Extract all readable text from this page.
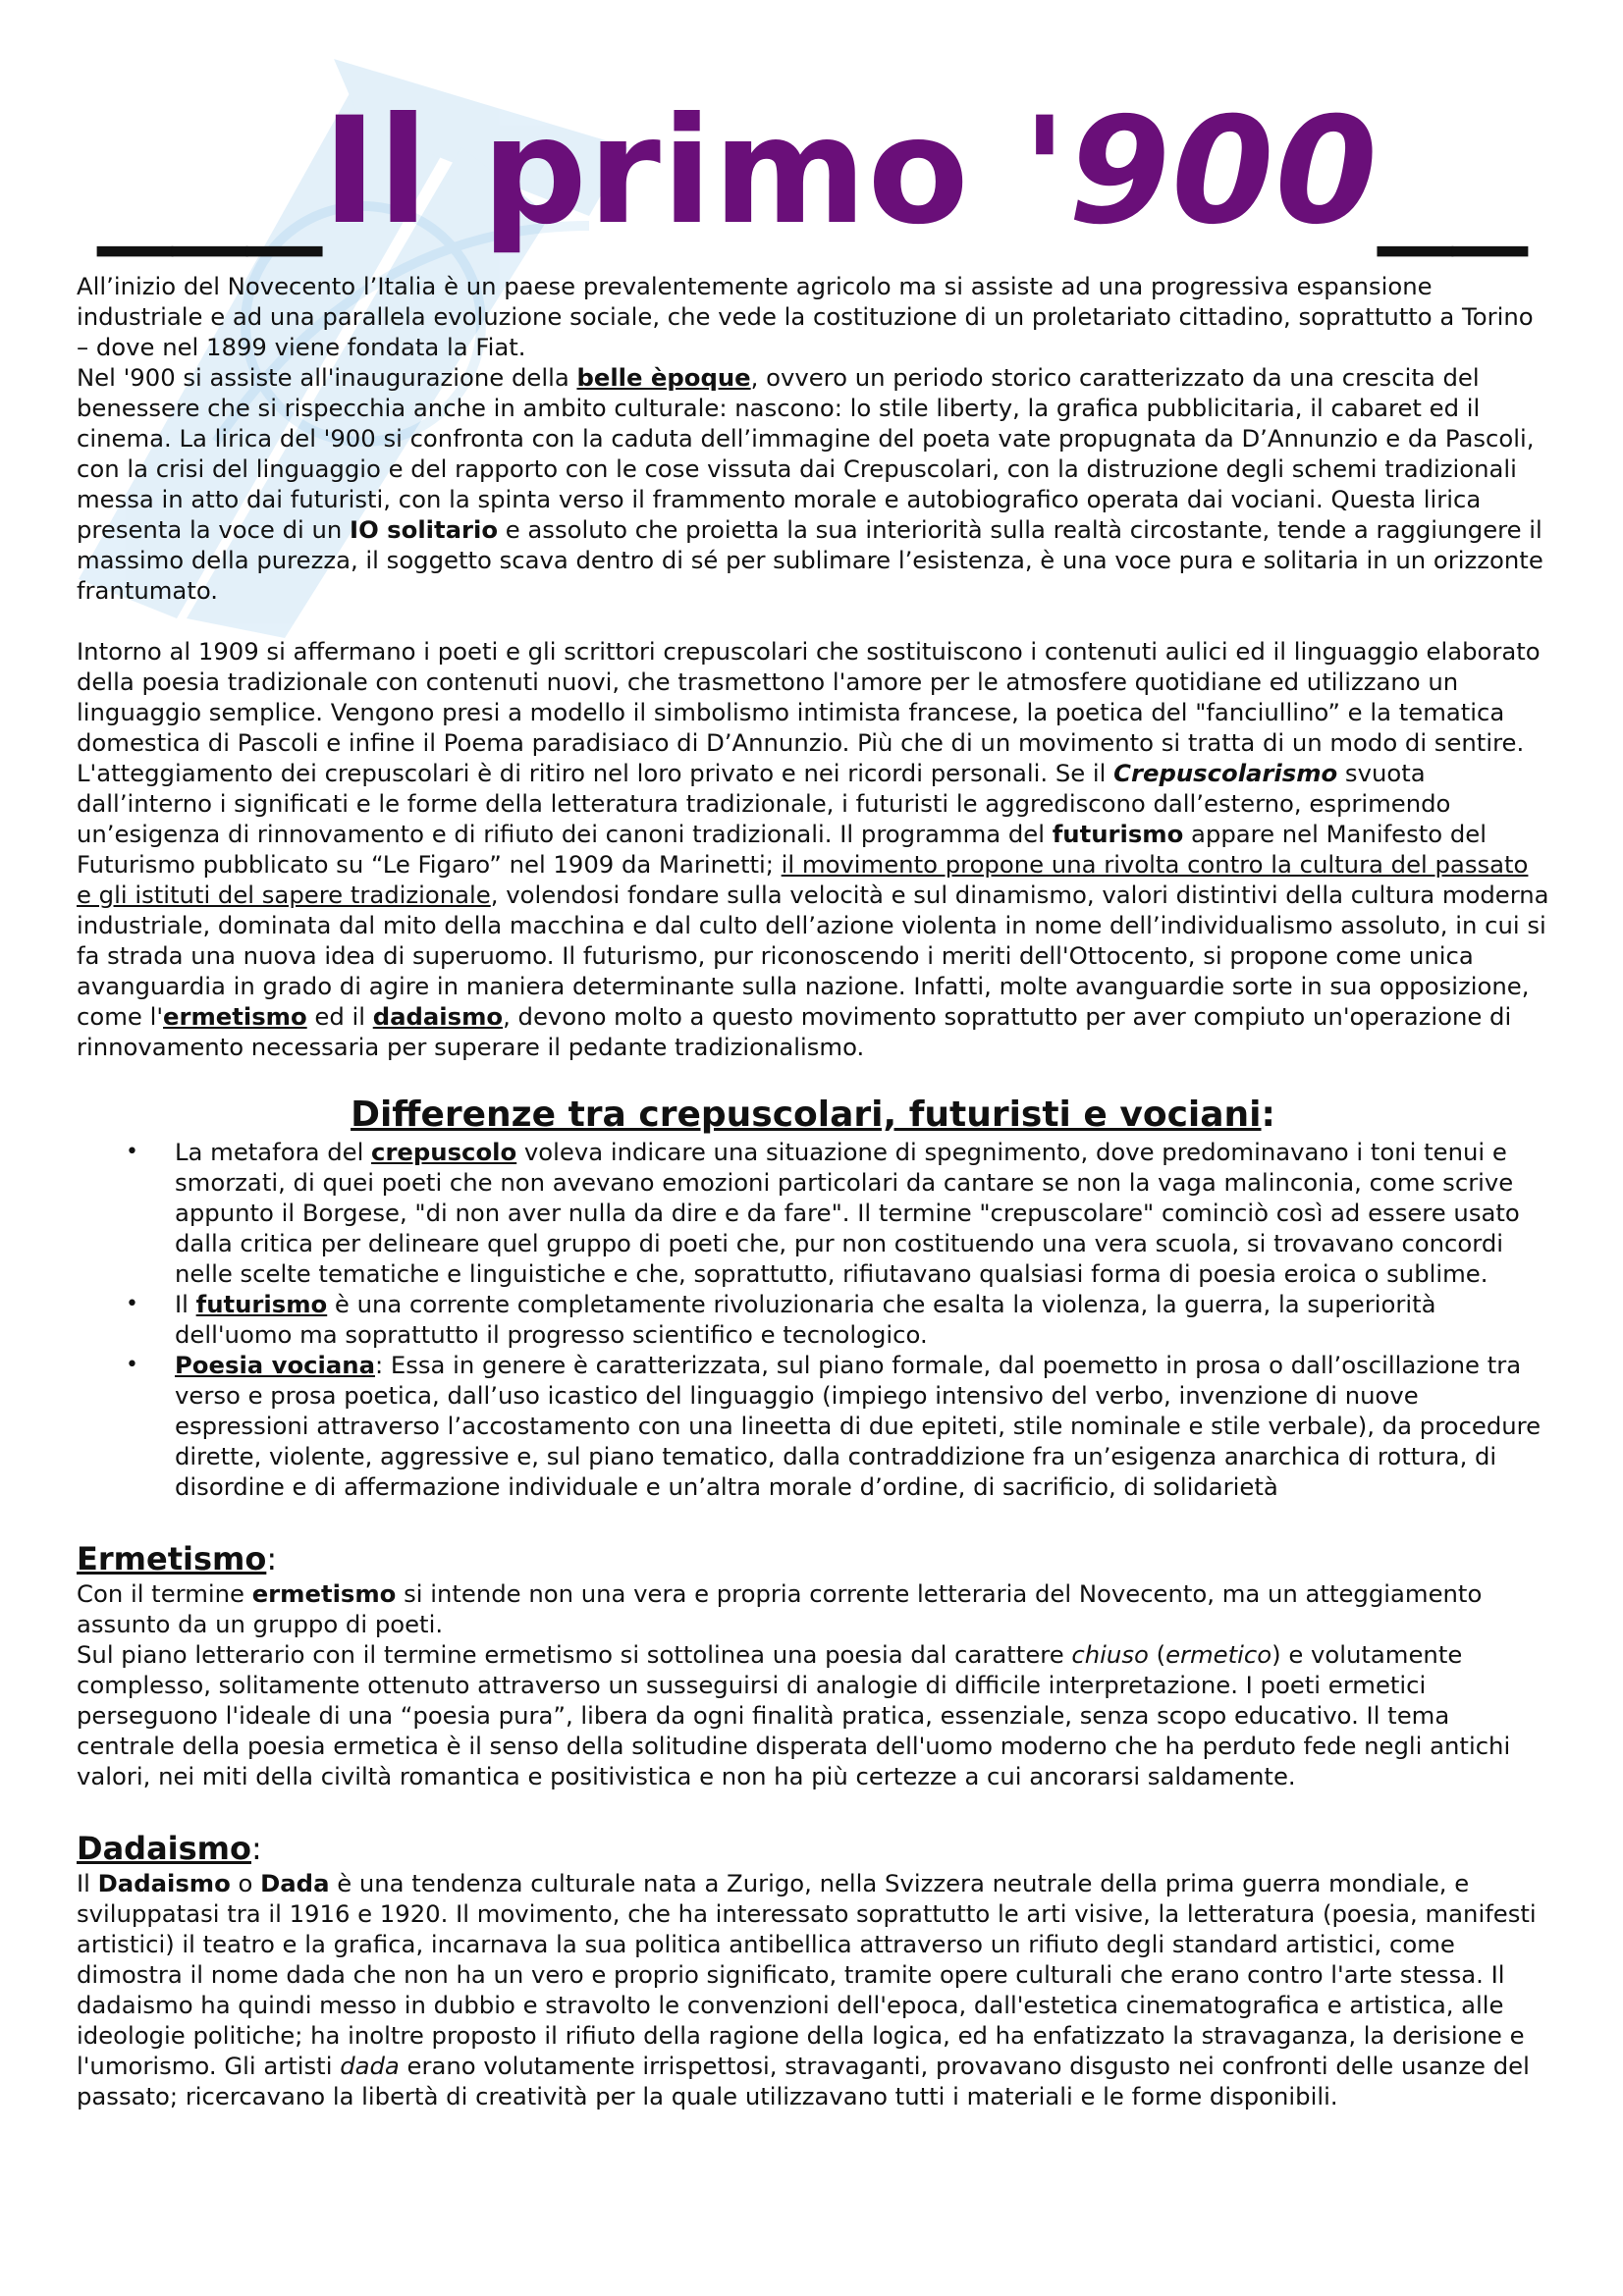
___Il primo '900__

All’inizio del Novecento l’Italia è un paese prevalentemente agricolo ma si assiste ad una progressiva espansione industriale e ad una parallela evoluzione sociale, che vede la costituzione di un proletariato cittadino, soprattutto a Torino – dove nel 1899 viene fondata la Fiat.

Nel '900 si assiste all'inaugurazione della belle èpoque, ovvero un periodo storico caratterizzato da una crescita del benessere che si rispecchia anche in ambito culturale: nascono: lo stile liberty, la grafica pubblicitaria, il cabaret ed il cinema. La lirica del '900 si confronta con la caduta dell’immagine del poeta vate propugnata da D’Annunzio e da Pascoli, con la crisi del linguaggio e del rapporto con le cose vissuta dai Crepuscolari, con la distruzione degli schemi tradizionali messa in atto dai futuristi, con la spinta verso il frammento morale e autobiografico operata dai vociani. Questa lirica presenta la voce di un IO solitario e assoluto che proietta la sua interiorità sulla realtà circostante, tende a raggiungere il massimo della purezza, il soggetto scava dentro di sé per sublimare l’esistenza, è una voce pura e solitaria in un orizzonte frantumato.

Intorno al 1909 si affermano i poeti e gli scrittori crepuscolari che sostituiscono i contenuti aulici ed il linguaggio elaborato della poesia tradizionale con contenuti nuovi, che trasmettono l'amore per le atmosfere quotidiane ed utilizzano un linguaggio semplice. Vengono presi a modello il simbolismo intimista francese, la poetica del "fanciullino” e la tematica domestica di Pascoli e infine il Poema paradisiaco di D’Annunzio. Più che di un movimento si tratta di un modo di sentire. L'atteggiamento dei crepuscolari è di ritiro nel loro privato e nei ricordi personali. Se il Crepuscolarismo svuota dall’interno i significati e le forme della letteratura tradizionale, i futuristi le aggrediscono dall’esterno, esprimendo un’esigenza di rinnovamento e di rifiuto dei canoni tradizionali. Il programma del futurismo appare nel Manifesto del Futurismo pubblicato su “Le Figaro” nel 1909 da Marinetti; il movimento propone una rivolta contro la cultura del passato e gli istituti del sapere tradizionale, volendosi fondare sulla velocità e sul dinamismo, valori distintivi della cultura moderna industriale, dominata dal mito della macchina e dal culto dell’azione violenta in nome dell’individualismo assoluto, in cui si fa strada una nuova idea di superuomo. Il futurismo, pur riconoscendo i meriti dell'Ottocento, si propone come unica avanguardia in grado di agire in maniera determinante sulla nazione. Infatti, molte avanguardie sorte in sua opposizione, come l'ermetismo ed il dadaismo, devono molto a questo movimento soprattutto per aver compiuto un'operazione di rinnovamento necessaria per superare il pedante tradizionalismo.

Differenze tra crepuscolari, futuristi e vociani:
• La metafora del crepuscolo voleva indicare una situazione di spegnimento, dove predominavano i toni tenui e smorzati, di quei poeti che non avevano emozioni particolari da cantare se non la vaga malinconia, come scrive appunto il Borgese, "di non aver nulla da dire e da fare". Il termine "crepuscolare" cominciò così ad essere usato dalla critica per delineare quel gruppo di poeti che, pur non costituendo una vera scuola, si trovavano concordi nelle scelte tematiche e linguistiche e che, soprattutto, rifiutavano qualsiasi forma di poesia eroica o sublime.
• Il futurismo è una corrente completamente rivoluzionaria che esalta la violenza, la guerra, la superiorità dell'uomo ma soprattutto il progresso scientifico e tecnologico.
• Poesia vociana: Essa in genere è caratterizzata, sul piano formale, dal poemetto in prosa o dall’oscillazione tra verso e prosa poetica, dall’uso icastico del linguaggio (impiego intensivo del verbo, invenzione di nuove espressioni attraverso l’accostamento con una lineetta di due epiteti, stile nominale e stile verbale), da procedure dirette, violente, aggressive e, sul piano tematico, dalla contraddizione fra un’esigenza anarchica di rottura, di disordine e di affermazione individuale e un’altra morale d’ordine, di sacrificio, di solidarietà
Ermetismo:

Con il termine ermetismo si intende non una vera e propria corrente letteraria del Novecento, ma un atteggiamento assunto da un gruppo di poeti.

Sul piano letterario con il termine ermetismo si sottolinea una poesia dal carattere chiuso (ermetico) e volutamente complesso, solitamente ottenuto attraverso un susseguirsi di analogie di difficile interpretazione. I poeti ermetici perseguono l'ideale di una “poesia pura”, libera da ogni finalità pratica, essenziale, senza scopo educativo. Il tema centrale della poesia ermetica è il senso della solitudine disperata dell'uomo moderno che ha perduto fede negli antichi valori, nei miti della civiltà romantica e positivistica e non ha più certezze a cui ancorarsi saldamente.

Dadaismo:

Il Dadaismo o Dada è una tendenza culturale nata a Zurigo, nella Svizzera neutrale della prima guerra mondiale, e sviluppatasi tra il 1916 e 1920. Il movimento, che ha interessato soprattutto le arti visive, la letteratura (poesia, manifesti artistici) il teatro e la grafica, incarnava la sua politica antibellica attraverso un rifiuto degli standard artistici, come dimostra il nome dada che non ha un vero e proprio significato, tramite opere culturali che erano contro l'arte stessa. Il dadaismo ha quindi messo in dubbio e stravolto le convenzioni dell'epoca, dall'estetica cinematografica e artistica, alle ideologie politiche; ha inoltre proposto il rifiuto della ragione della logica, ed ha enfatizzato la stravaganza, la derisione e l'umorismo. Gli artisti dada erano volutamente irrispettosi, stravaganti, provavano disgusto nei confronti delle usanze del passato; ricercavano la libertà di creatività per la quale utilizzavano tutti i materiali e le forme disponibili.
